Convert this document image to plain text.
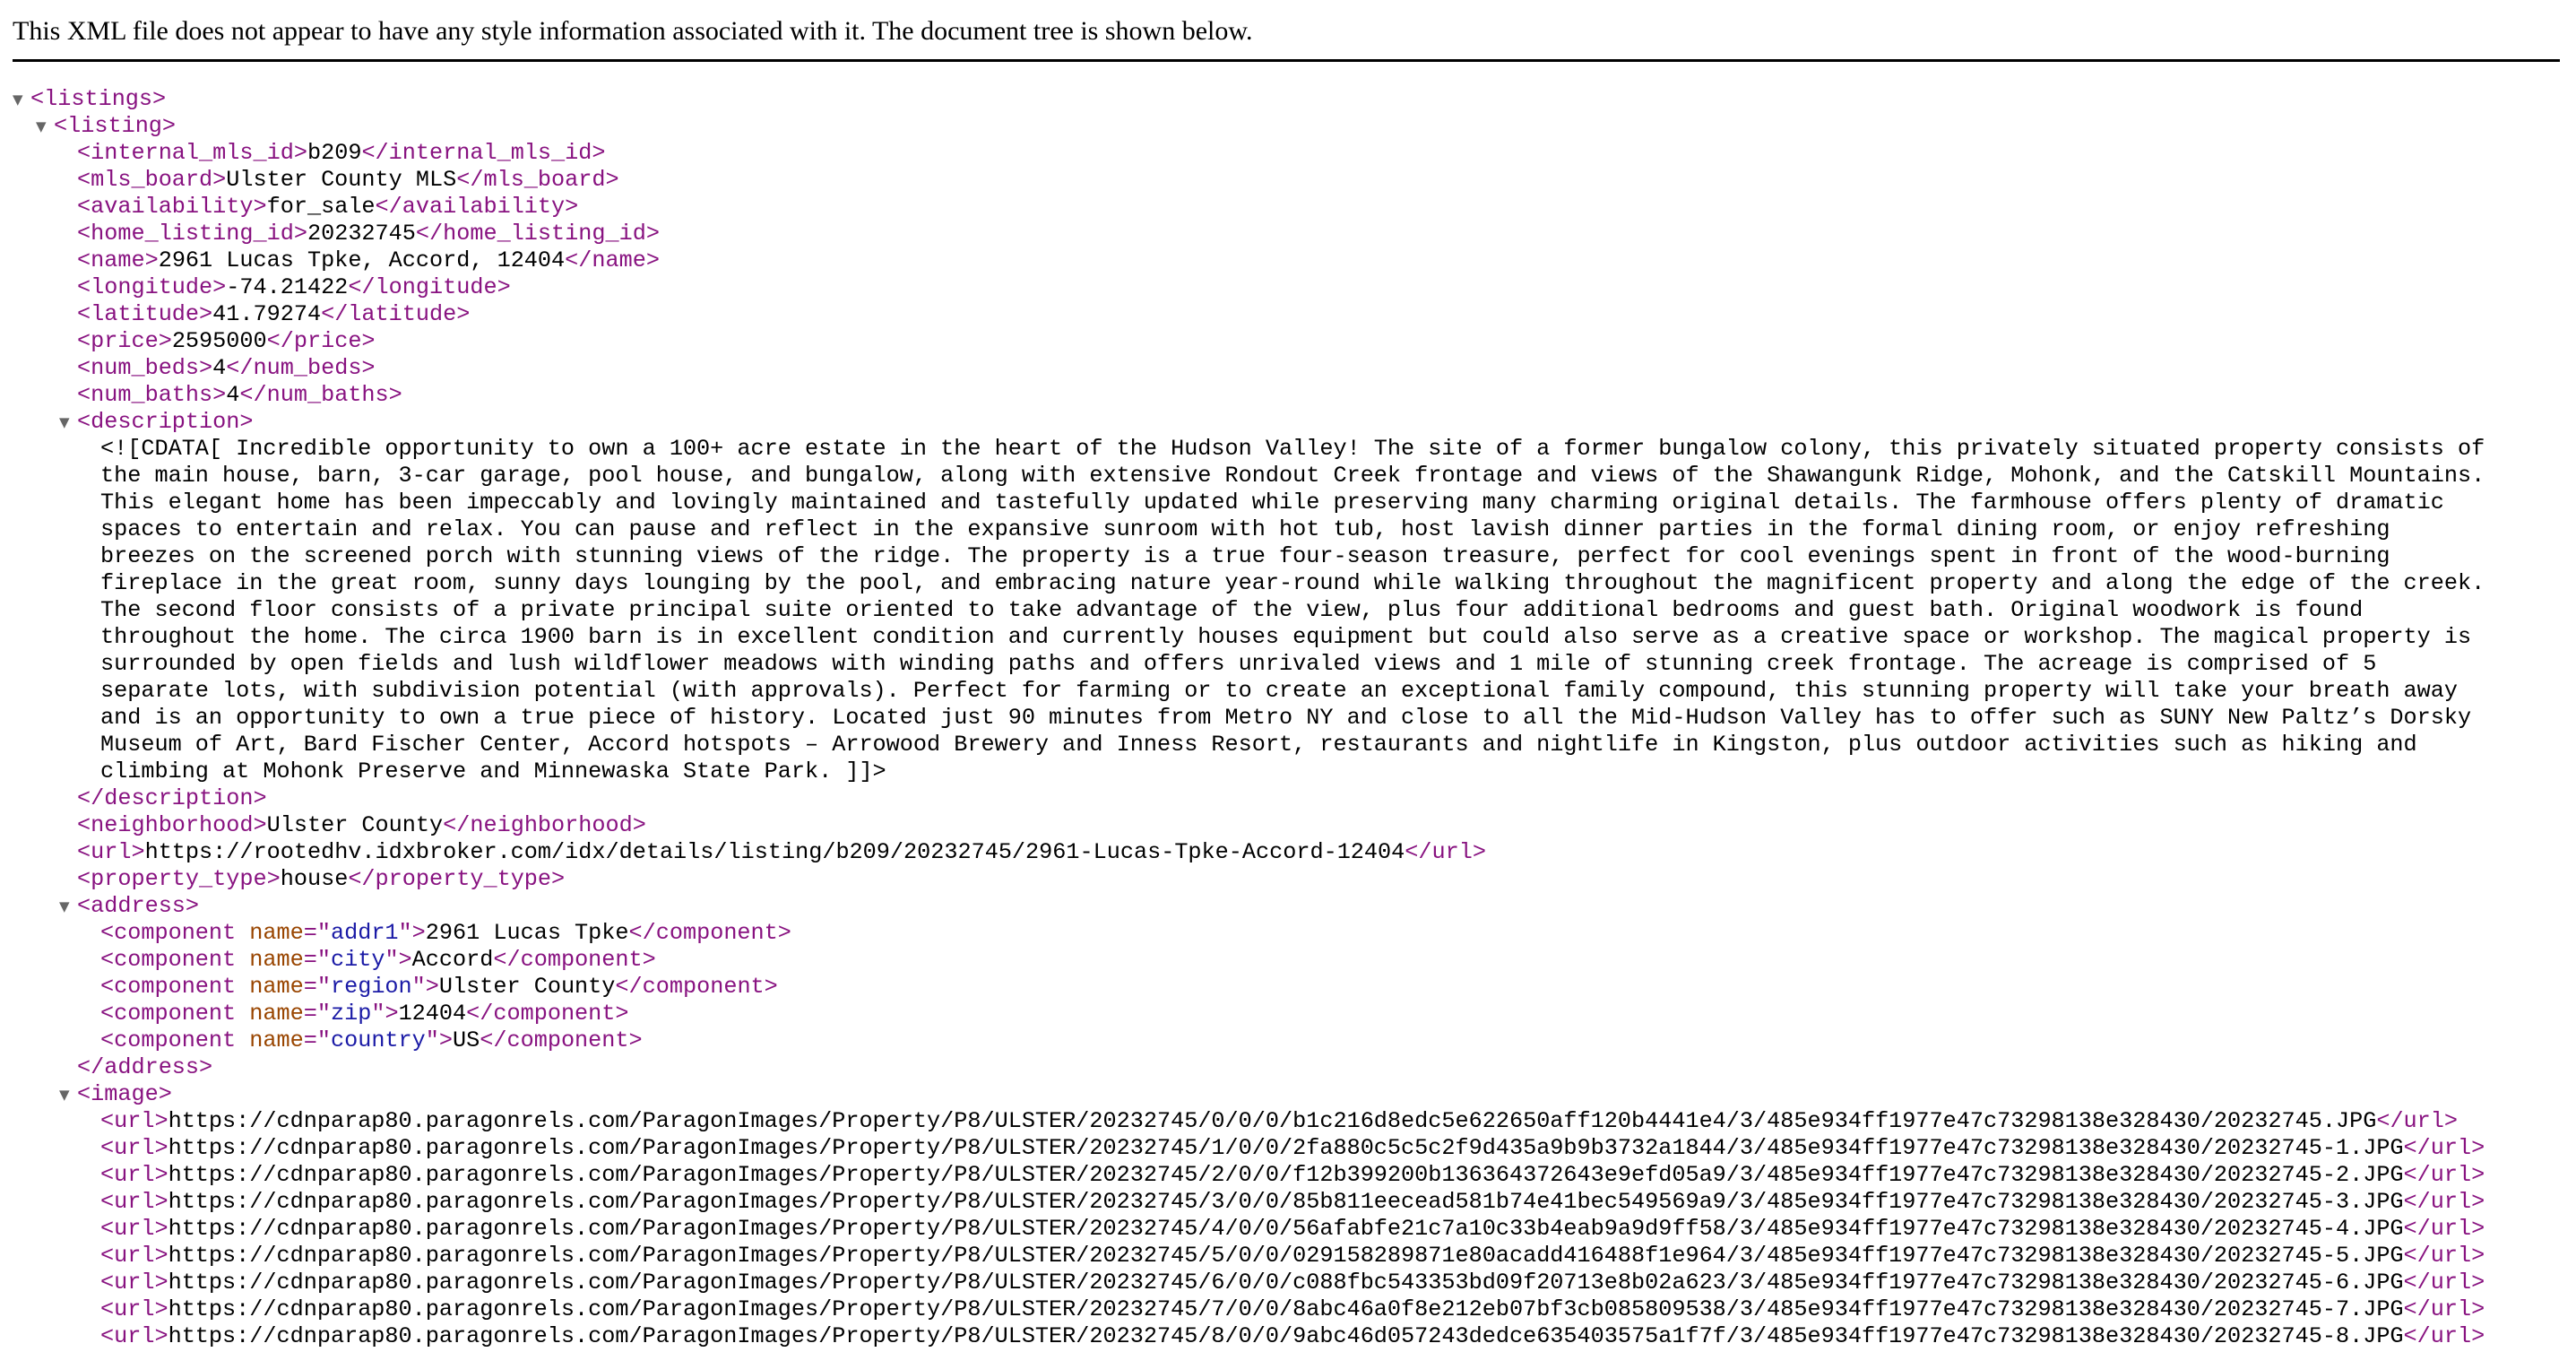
This XML file does not appear to have any style information associated with it. The document tree is shown below.
▼ <listings>
▼ <listing>
<internal_mls_id>b209</internal_mls_id>
<mls_board>Ulster County MLS</mls_board>
<availability>for_sale</availability>
<home_listing_id>20232745</home_listing_id>
<name>2961 Lucas Tpke, Accord, 12404</name>
<longitude>-74.21422</longitude>
<latitude>41.79274</latitude>
<price>2595000</price>
<num_beds>4</num_beds>
<num_baths>4</num_baths>
▼ <description>
<![CDATA[ Incredible opportunity to own a 100+ acre estate in the heart of the Hudson Valley! The site of a former bungalow colony, this privately situated property consists of
the main house, barn, 3-car garage, pool house, and bungalow, along with extensive Rondout Creek frontage and views of the Shawangunk Ridge, Mohonk, and the Catskill Mountains.
This elegant home has been impeccably and lovingly maintained and tastefully updated while preserving many charming original details. The farmhouse offers plenty of dramatic
spaces to entertain and relax. You can pause and reflect in the expansive sunroom with hot tub, host lavish dinner parties in the formal dining room, or enjoy refreshing
breezes on the screened porch with stunning views of the ridge. The property is a true four-season treasure, perfect for cool evenings spent in front of the wood-burning
fireplace in the great room, sunny days lounging by the pool, and embracing nature year-round while walking throughout the magnificent property and along the edge of the creek.
The second floor consists of a private principal suite oriented to take advantage of the view, plus four additional bedrooms and guest bath. Original woodwork is found
throughout the home. The circa 1900 barn is in excellent condition and currently houses equipment but could also serve as a creative space or workshop. The magical property is
surrounded by open fields and lush wildflower meadows with winding paths and offers unrivaled views and 1 mile of stunning creek frontage. The acreage is comprised of 5
separate lots, with subdivision potential (with approvals). Perfect for farming or to create an exceptional family compound, this stunning property will take your breath away
and is an opportunity to own a true piece of history. Located just 90 minutes from Metro NY and close to all the Mid-Hudson Valley has to offer such as SUNY New Paltz’s Dorsky
Museum of Art, Bard Fischer Center, Accord hotspots – Arrowood Brewery and Inness Resort, restaurants and nightlife in Kingston, plus outdoor activities such as hiking and
climbing at Mohonk Preserve and Minnewaska State Park. ]]>
</description>
<neighborhood>Ulster County</neighborhood>
<url>https://rootedhv.idxbroker.com/idx/details/listing/b209/20232745/2961-Lucas-Tpke-Accord-12404</url>
<property_type>house</property_type>
▼ <address>
<component name="addr1">2961 Lucas Tpke</component>
<component name="city">Accord</component>
<component name="region">Ulster County</component>
<component name="zip">12404</component>
<component name="country">US</component>
</address>
▼ <image>
<url>https://cdnparap80.paragonrels.com/ParagonImages/Property/P8/ULSTER/20232745/0/0/0/b1c216d8edc5e622650aff120b4441e4/3/485e934ff1977e47c73298138e328430/20232745.JPG</url>
<url>https://cdnparap80.paragonrels.com/ParagonImages/Property/P8/ULSTER/20232745/1/0/0/2fa880c5c5c2f9d435a9b9b3732a1844/3/485e934ff1977e47c73298138e328430/20232745-1.JPG</url>
<url>https://cdnparap80.paragonrels.com/ParagonImages/Property/P8/ULSTER/20232745/2/0/0/f12b399200b136364372643e9efd05a9/3/485e934ff1977e47c73298138e328430/20232745-2.JPG</url>
<url>https://cdnparap80.paragonrels.com/ParagonImages/Property/P8/ULSTER/20232745/3/0/0/85b811eecead581b74e41bec549569a9/3/485e934ff1977e47c73298138e328430/20232745-3.JPG</url>
<url>https://cdnparap80.paragonrels.com/ParagonImages/Property/P8/ULSTER/20232745/4/0/0/56afabfe21c7a10c33b4eab9a9d9ff58/3/485e934ff1977e47c73298138e328430/20232745-4.JPG</url>
<url>https://cdnparap80.paragonrels.com/ParagonImages/Property/P8/ULSTER/20232745/5/0/0/029158289871e80acadd416488f1e964/3/485e934ff1977e47c73298138e328430/20232745-5.JPG</url>
<url>https://cdnparap80.paragonrels.com/ParagonImages/Property/P8/ULSTER/20232745/6/0/0/c088fbc543353bd09f20713e8b02a623/3/485e934ff1977e47c73298138e328430/20232745-6.JPG</url>
<url>https://cdnparap80.paragonrels.com/ParagonImages/Property/P8/ULSTER/20232745/7/0/0/8abc46a0f8e212eb07bf3cb085809538/3/485e934ff1977e47c73298138e328430/20232745-7.JPG</url>
<url>https://cdnparap80.paragonrels.com/ParagonImages/Property/P8/ULSTER/20232745/8/0/0/9abc46d057243dedce635403575a1f7f/3/485e934ff1977e47c73298138e328430/20232745-8.JPG</url>
